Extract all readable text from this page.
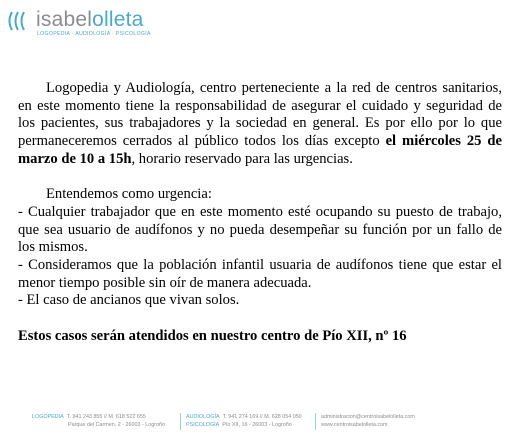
isabelolleta
LOGOPEDIA · AUDIOLOGÍA · PSICOLOGÍA

Logopedia y Audiología, centro perteneciente a la red de centros sanitarios, en este momento tiene la responsabilidad de asegurar el cuidado y seguridad de los pacientes, sus trabajadores y la sociedad en general. Es por ello por lo que permaneceremos cerrados al público todos los días excepto el miércoles 25 de marzo de 10 a 15h, horario reservado para las urgencias.

Entendemos como urgencia:

- Cualquier trabajador que en este momento esté ocupando su puesto de trabajo, que sea usuario de audífonos y no pueda desempeñar su función por un fallo de los mismos.

- Consideramos que la población infantil usuaria de audífonos tiene que estar el menor tiempo posible sin oír de manera adecuada.

- El caso de ancianos que vivan solos.

Estos casos serán atendidos en nuestro centro de Pío XII, nº 16

LOGOPEDIA T. 941 243 855 // M. 618 522 655
Parque del Carmen, 2 - 26003 - Logroño
AUDIOLOGÍA T. 941 274 169 // M. 628 054 050
PSICOLOGÍA Pío XII, 16 - 26003 - Logroño
administracion@centroisabelolleta.com
www.centroisabelolleta.com
